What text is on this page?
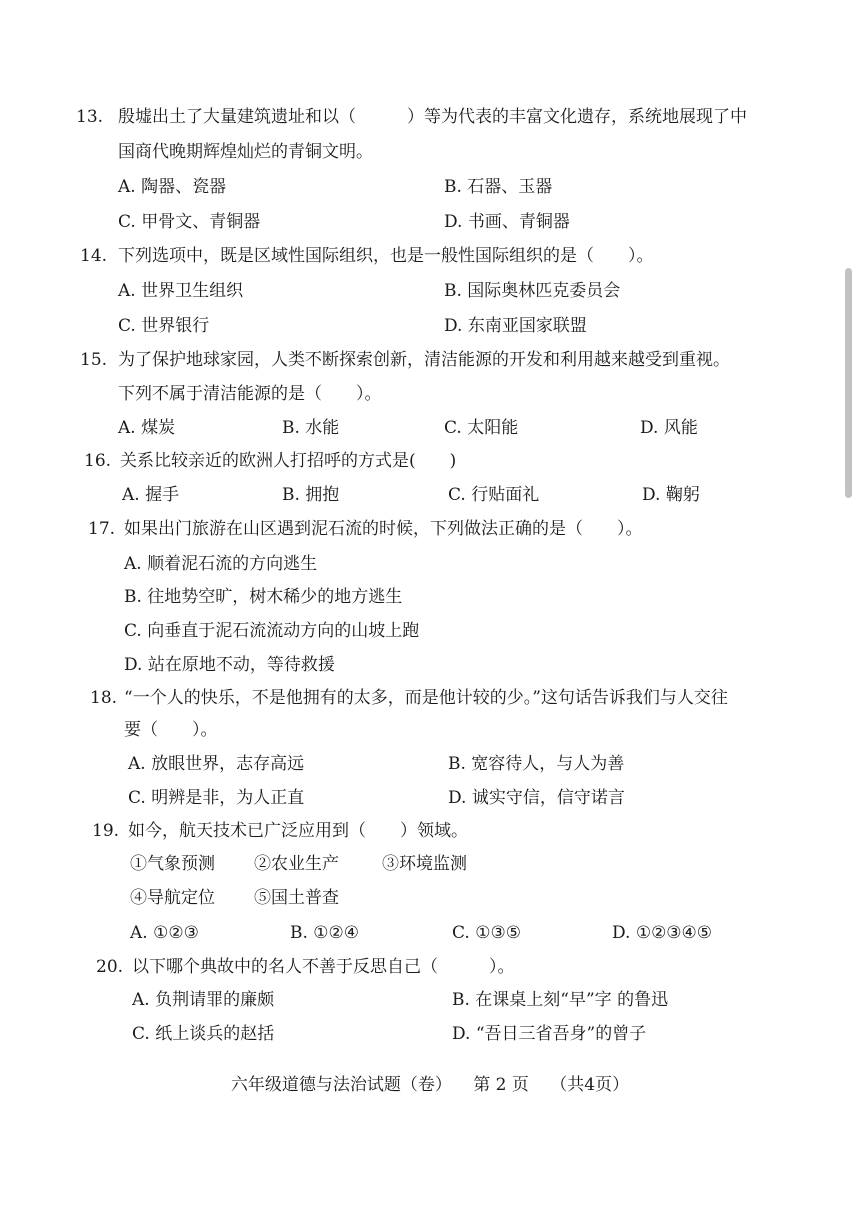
13. 殷墟出土了大量建筑遗址和以（　　　）等为代表的丰富文化遗存，系统地展现了中
国商代晚期辉煌灿烂的青铜文明。
A. 陶器、瓷器	B. 石器、玉器
C. 甲骨文、青铜器	D. 书画、青铜器
14. 下列选项中，既是区域性国际组织，也是一般性国际组织的是（　　）。
A. 世界卫生组织	B. 国际奥林匹克委员会
C. 世界银行	D. 东南亚国家联盟
15. 为了保护地球家园，人类不断探索创新，清洁能源的开发和利用越来越受到重视。
下列不属于清洁能源的是（　　）。
A. 煤炭	B. 水能	C. 太阳能	D. 风能
16. 关系比较亲近的欧洲人打招呼的方式是(　　)
A. 握手	B. 拥抱	C. 行贴面礼	D. 鞠躬
17. 如果出门旅游在山区遇到泥石流的时候，下列做法正确的是（　　）。
A. 顺着泥石流的方向逃生
B. 往地势空旷，树木稀少的地方逃生
C. 向垂直于泥石流流动方向的山坡上跑
D. 站在原地不动，等待救援
18. “一个人的快乐，不是他拥有的太多，而是他计较的少。”这句话告诉我们与人交往
要（　　）。
A. 放眼世界，志存高远	B. 宽容待人，与人为善
C. 明辨是非，为人正直	D. 诚实守信，信守诺言
19. 如今，航天技术已广泛应用到（　　）领域。
①气象预测 ②农业生产	③环境监测
④导航定位 ⑤国土普查
A. ①②③	B. ①②④	C. ①③⑤	D. ①②③④⑤
20. 以下哪个典故中的名人不善于反思自己（　　　）。
A. 负荆请罪的廉颇	B. 在课桌上刻“早”字 的鲁迅
C. 纸上谈兵的赵括	D. “吾日三省吾身”的曾子
六年级道德与法治试题（卷） 第 2 页 （共4页）
